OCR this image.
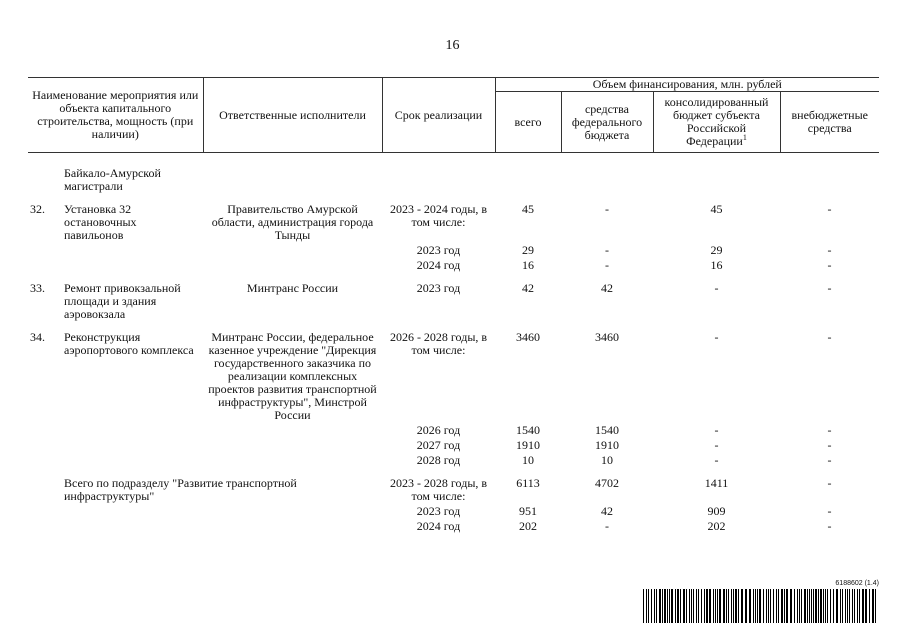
16
Наименование мероприятия или объекта капитального строительства, мощность (при наличии)		Ответственные исполнители	Срок реализации	Объем финансирования, млн. рублей			
				всего	средства федерального бюджета	консолидированный бюджет субъекта Российской Федерации$^1$	внебюджетные средства
	Байкало-Амурской магистрали						

32.	Установка 32 остановочных павильонов	Правительство Амурской области, администрация города Тынды	2023 - 2024 годы, в том числе:	45	-	45	-
			2023 год	29	-	29	-
			2024 год	16	-	16	-

33.	Ремонт привокзальной площади и здания аэровокзала	Минтранс России	2023 год	42	42	-	-

34.	Реконструкция аэропортового комплекса	Минтранс России, федеральное казенное учреждение "Дирекция государственного заказчика по реализации комплексных проектов развития транспортной инфраструктуры", Минстрой России	2026 - 2028 годы, в том числе:	3460	3460	-	-
			2026 год	1540	1540	-	-
			2027 год	1910	1910	-	-
			2028 год	10	10	-	-

	Всего по подразделу "Развитие транспортной инфраструктуры"		2023 - 2028 годы, в том числе:	6113	4702	1411	-
			2023 год	951	42	909	-
			2024 год	202	-	202	-
6188602 (1.4)
